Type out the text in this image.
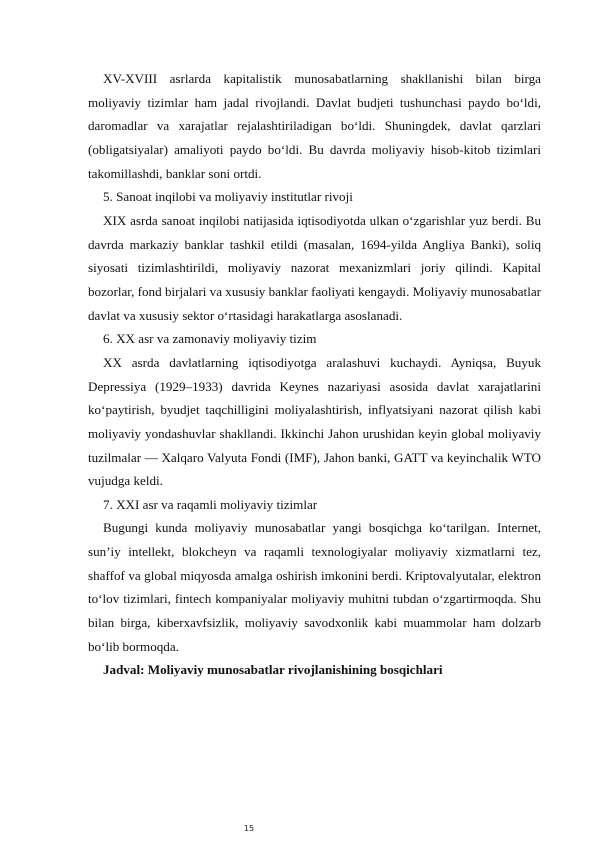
XV-XVIII asrlarda kapitalistik munosabatlarning shakllanishi bilan birga moliyaviy tizimlar ham jadal rivojlandi. Davlat budjeti tushunchasi paydo bo‘ldi, daromadlar va xarajatlar rejalashtiriladigan bo‘ldi. Shuningdek, davlat qarzlari (obligatsiyalar) amaliyoti paydo bo‘ldi. Bu davrda moliyaviy hisob-kitob tizimlari takomillashdi, banklar soni ortdi.

5. Sanoat inqilobi va moliyaviy institutlar rivoji

XIX asrda sanoat inqilobi natijasida iqtisodiyotda ulkan o‘zgarishlar yuz berdi. Bu davrda markaziy banklar tashkil etildi (masalan, 1694-yilda Angliya Banki), soliq siyosati tizimlashtirildi, moliyaviy nazorat mexanizmlari joriy qilindi. Kapital bozorlar, fond birjalari va xususiy banklar faoliyati kengaydi. Moliyaviy munosabatlar davlat va xususiy sektor o‘rtasidagi harakatlarga asoslanadi.

6. XX asr va zamonaviy moliyaviy tizim

XX asrda davlatlarning iqtisodiyotga aralashuvi kuchaydi. Ayniqsa, Buyuk Depressiya (1929–1933) davrida Keynes nazariyasi asosida davlat xarajatlarini ko‘paytirish, byudjet taqchilligini moliyalashtirish, inflyatsiyani nazorat qilish kabi moliyaviy yondashuvlar shakllandi. Ikkinchi Jahon urushidan keyin global moliyaviy tuzilmalar — Xalqaro Valyuta Fondi (IMF), Jahon banki, GATT va keyinchalik WTO vujudga keldi.

7. XXI asr va raqamli moliyaviy tizimlar

Bugungi kunda moliyaviy munosabatlar yangi bosqichga ko‘tarilgan. Internet, sun’iy intellekt, blokcheyn va raqamli texnologiyalar moliyaviy xizmatlarni tez, shaffof va global miqyosda amalga oshirish imkonini berdi. Kriptovalyutalar, elektron to‘lov tizimlari, fintech kompaniyalar moliyaviy muhitni tubdan o‘zgartirmoqda. Shu bilan birga, kiberxavfsizlik, moliyaviy savodxonlik kabi muammolar ham dolzarb bo‘lib bormoqda.

Jadval: Moliyaviy munosabatlar rivojlanishining bosqichlari

15
